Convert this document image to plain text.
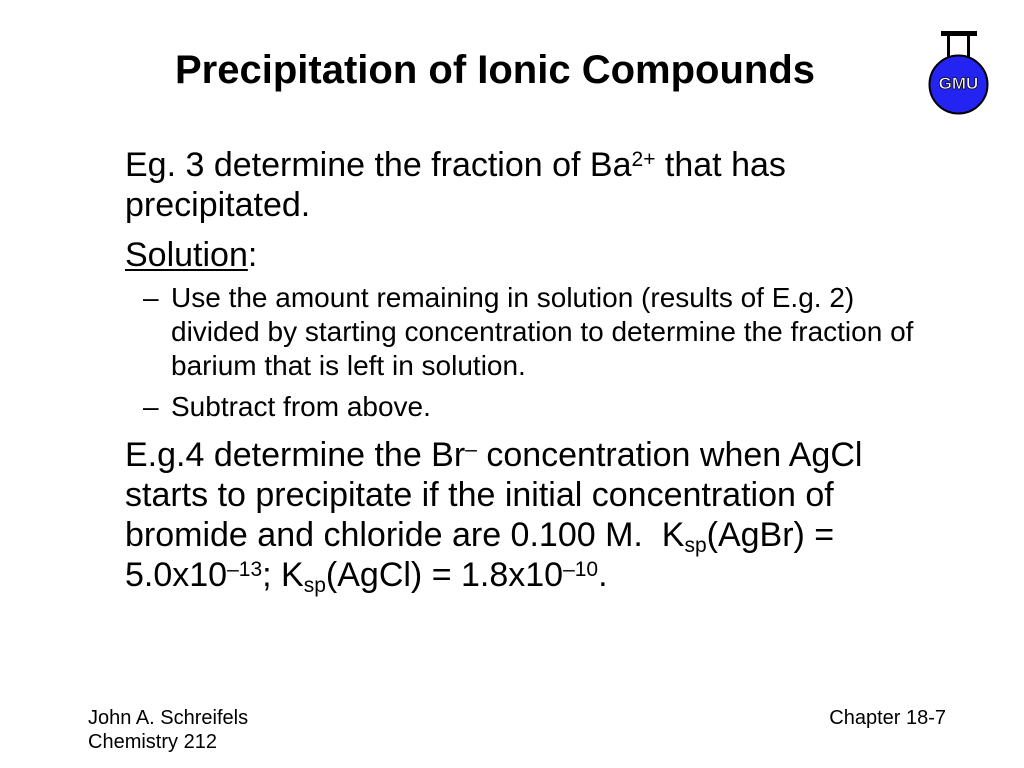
Precipitation of Ionic Compounds	GMU
Eg. 3 determine the fraction of $Ba^{2+}$ that has
precipitated.
Solution:
– Use the amount remaining in solution (results of E.g. 2)
divided by starting concentration to determine the fraction of
barium that is left in solution.
– Subtract from above.
E.g.4 determine the Br– concentration when AgCl
starts to precipitate if the initial concentration of
bromide and chloride are 0.100 M.  $K_{sp}(AgBr)$ =
$5.0x10^{-13}$; $K_{sp}(AgCl) = 1.8x10^{-10}$.
John A. Schreifels
Chemistry 212
Chapter 18-7
